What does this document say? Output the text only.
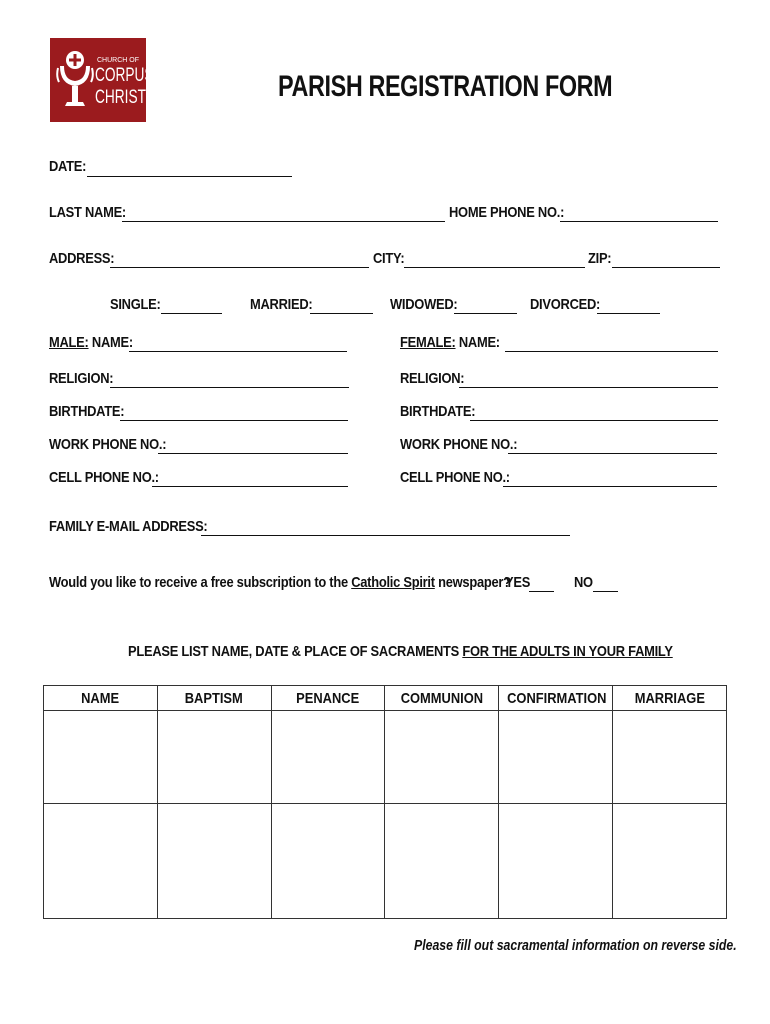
CHURCH OF
CORPUS
CHRISTI	PARISH REGISTRATION FORM
DATE:
LAST NAME:	HOME PHONE NO.:
ADDRESS:	CITY:	ZIP:
SINGLE:	MARRIED:	WIDOWED:	DIVORCED:
MALE: NAME:
RELIGION:
BIRTHDATE:
WORK PHONE NO.:
CELL PHONE NO.:
FEMALE: NAME:
RELIGION:
BIRTHDATE:
WORK PHONE NO.:
CELL PHONE NO.:
FAMILY E-MAIL ADDRESS:
Would you like to receive a free subscription to the Catholic Spirit newspaper?
YES	NO
PLEASE LIST NAME, DATE & PLACE OF SACRAMENTS FOR THE ADULTS IN YOUR FAMILY
NAME	BAPTISM	PENANCE	COMMUNION	CONFIRMATION	MARRIAGE

Please fill out sacramental information on reverse side.
